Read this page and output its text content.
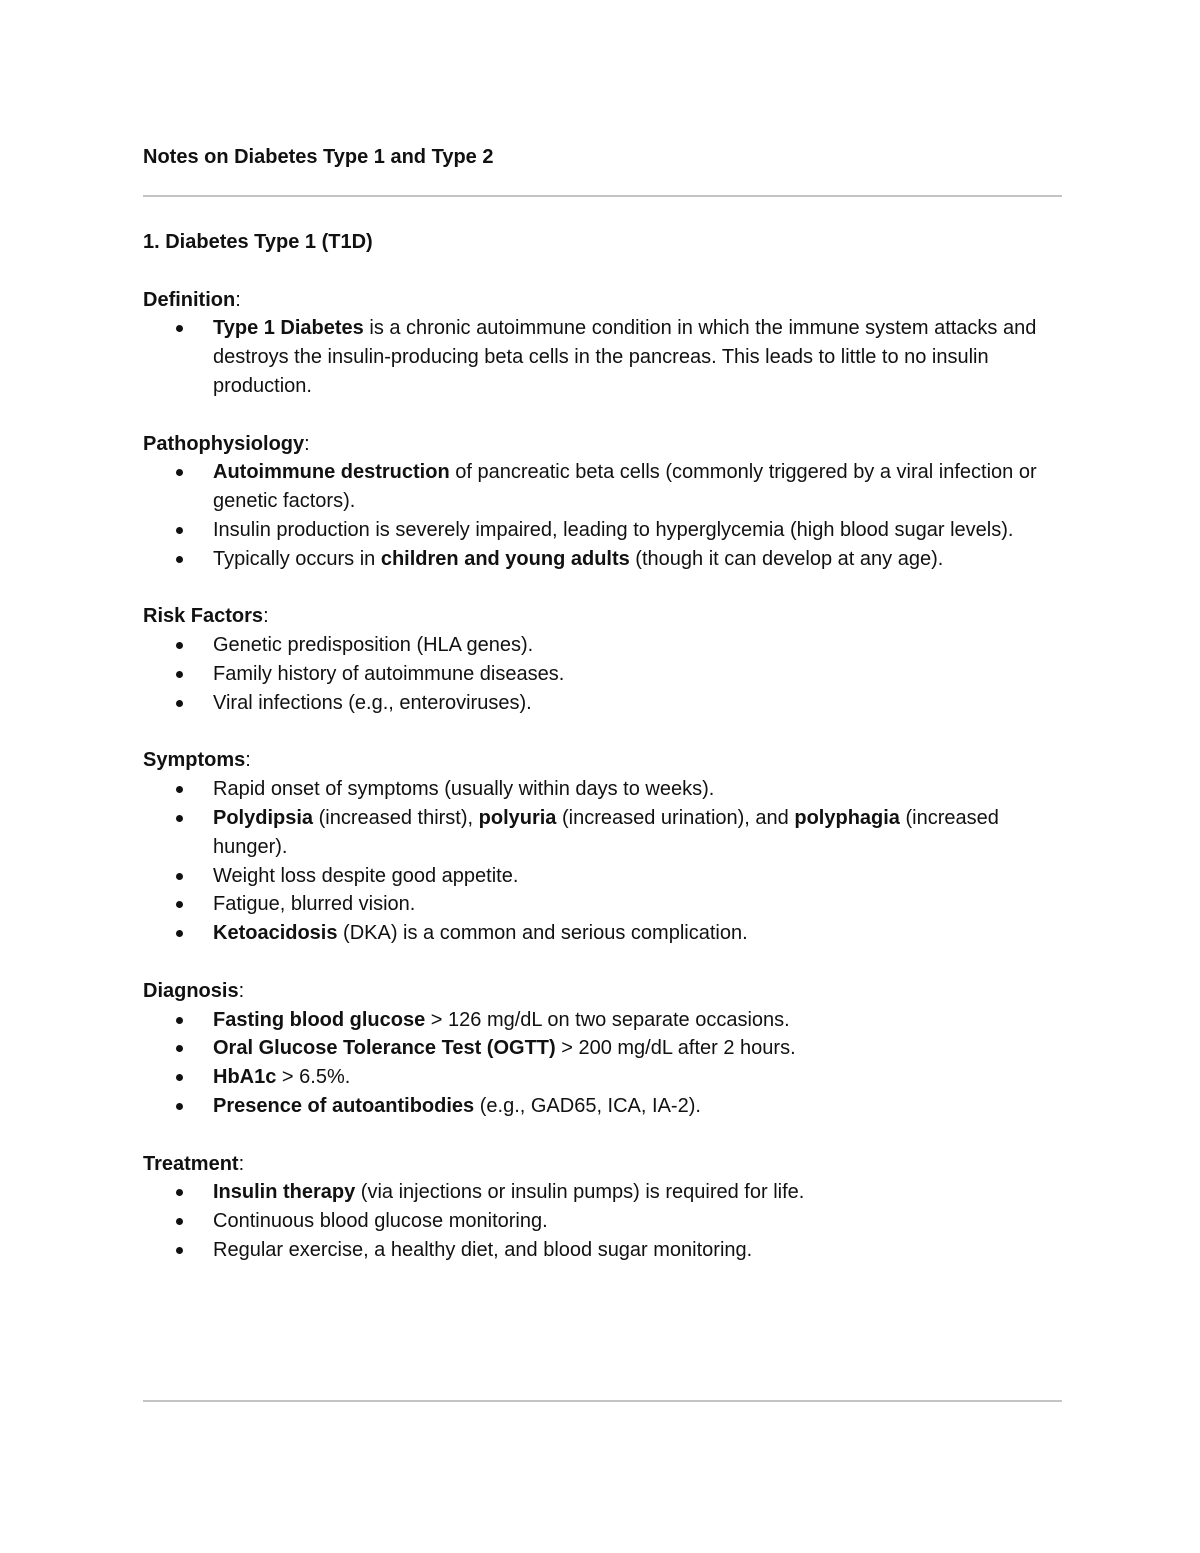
Notes on Diabetes Type 1 and Type 2

1. Diabetes Type 1 (T1D)

Definition:

Type 1 Diabetes is a chronic autoimmune condition in which the immune system attacks and destroys the insulin-producing beta cells in the pancreas. This leads to little to no insulin production.

Pathophysiology:

Autoimmune destruction of pancreatic beta cells (commonly triggered by a viral infection or genetic factors).
Insulin production is severely impaired, leading to hyperglycemia (high blood sugar levels).
Typically occurs in children and young adults (though it can develop at any age).

Risk Factors:

Genetic predisposition (HLA genes).
Family history of autoimmune diseases.
Viral infections (e.g., enteroviruses).

Symptoms:

Rapid onset of symptoms (usually within days to weeks).
Polydipsia (increased thirst), polyuria (increased urination), and polyphagia (increased hunger).
Weight loss despite good appetite.
Fatigue, blurred vision.
Ketoacidosis (DKA) is a common and serious complication.

Diagnosis:

Fasting blood glucose > 126 mg/dL on two separate occasions.
Oral Glucose Tolerance Test (OGTT) > 200 mg/dL after 2 hours.
HbA1c > 6.5%.
Presence of autoantibodies (e.g., GAD65, ICA, IA-2).

Treatment:

Insulin therapy (via injections or insulin pumps) is required for life.
Continuous blood glucose monitoring.
Regular exercise, a healthy diet, and blood sugar monitoring.
